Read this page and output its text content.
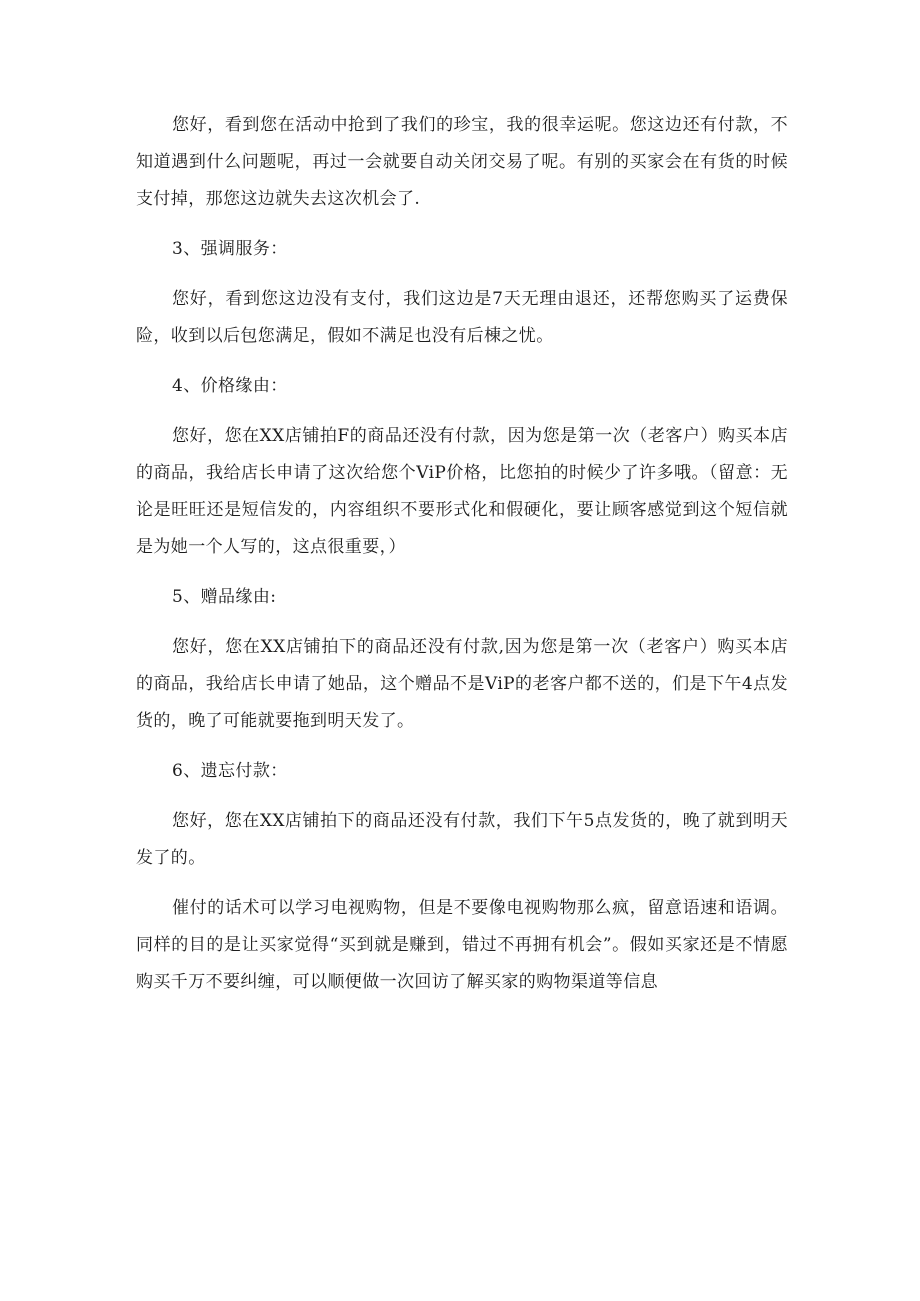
您好，看到您在活动中抢到了我们的珍宝，我的很幸运呢。您这边还有付款，不知道遇到什么问题呢，再过一会就要自动关闭交易了呢。有别的买家会在有货的时候支付掉，那您这边就失去这次机会了.

3、强调服务：

您好，看到您这边没有支付，我们这边是7天无理由退还，还帮您购买了运费保险，收到以后包您满足，假如不满足也没有后棟之忧。

4、价格缘由：

您好，您在XX店铺拍F的商品还没有付款，因为您是第一次（老客户）购买本店的商品，我给店长申请了这次给您个ViP价格，比您拍的时候少了许多哦。（留意：无论是旺旺还是短信发的，内容组织不要形式化和假硬化，要让顾客感觉到这个短信就是为她一个人写的，这点很重要，）

5、赠品缘由:

您好，您在XX店铺拍下的商品还没有付款,因为您是第一次（老客户）购买本店的商品，我给店长申请了她品，这个赠品不是ViP的老客户都不送的，们是下午4点发货的，晚了可能就要拖到明天发了。

6、遗忘付款：

您好，您在XX店铺拍下的商品还没有付款，我们下午5点发货的，晚了就到明天发了的。

催付的话术可以学习电视购物，但是不要像电视购物那么疯，留意语速和语调。同样的目的是让买家觉得“买到就是赚到，错过不再拥有机会”。假如买家还是不情愿购买千万不要纠缠，可以顺便做一次回访了解买家的购物渠道等信息
